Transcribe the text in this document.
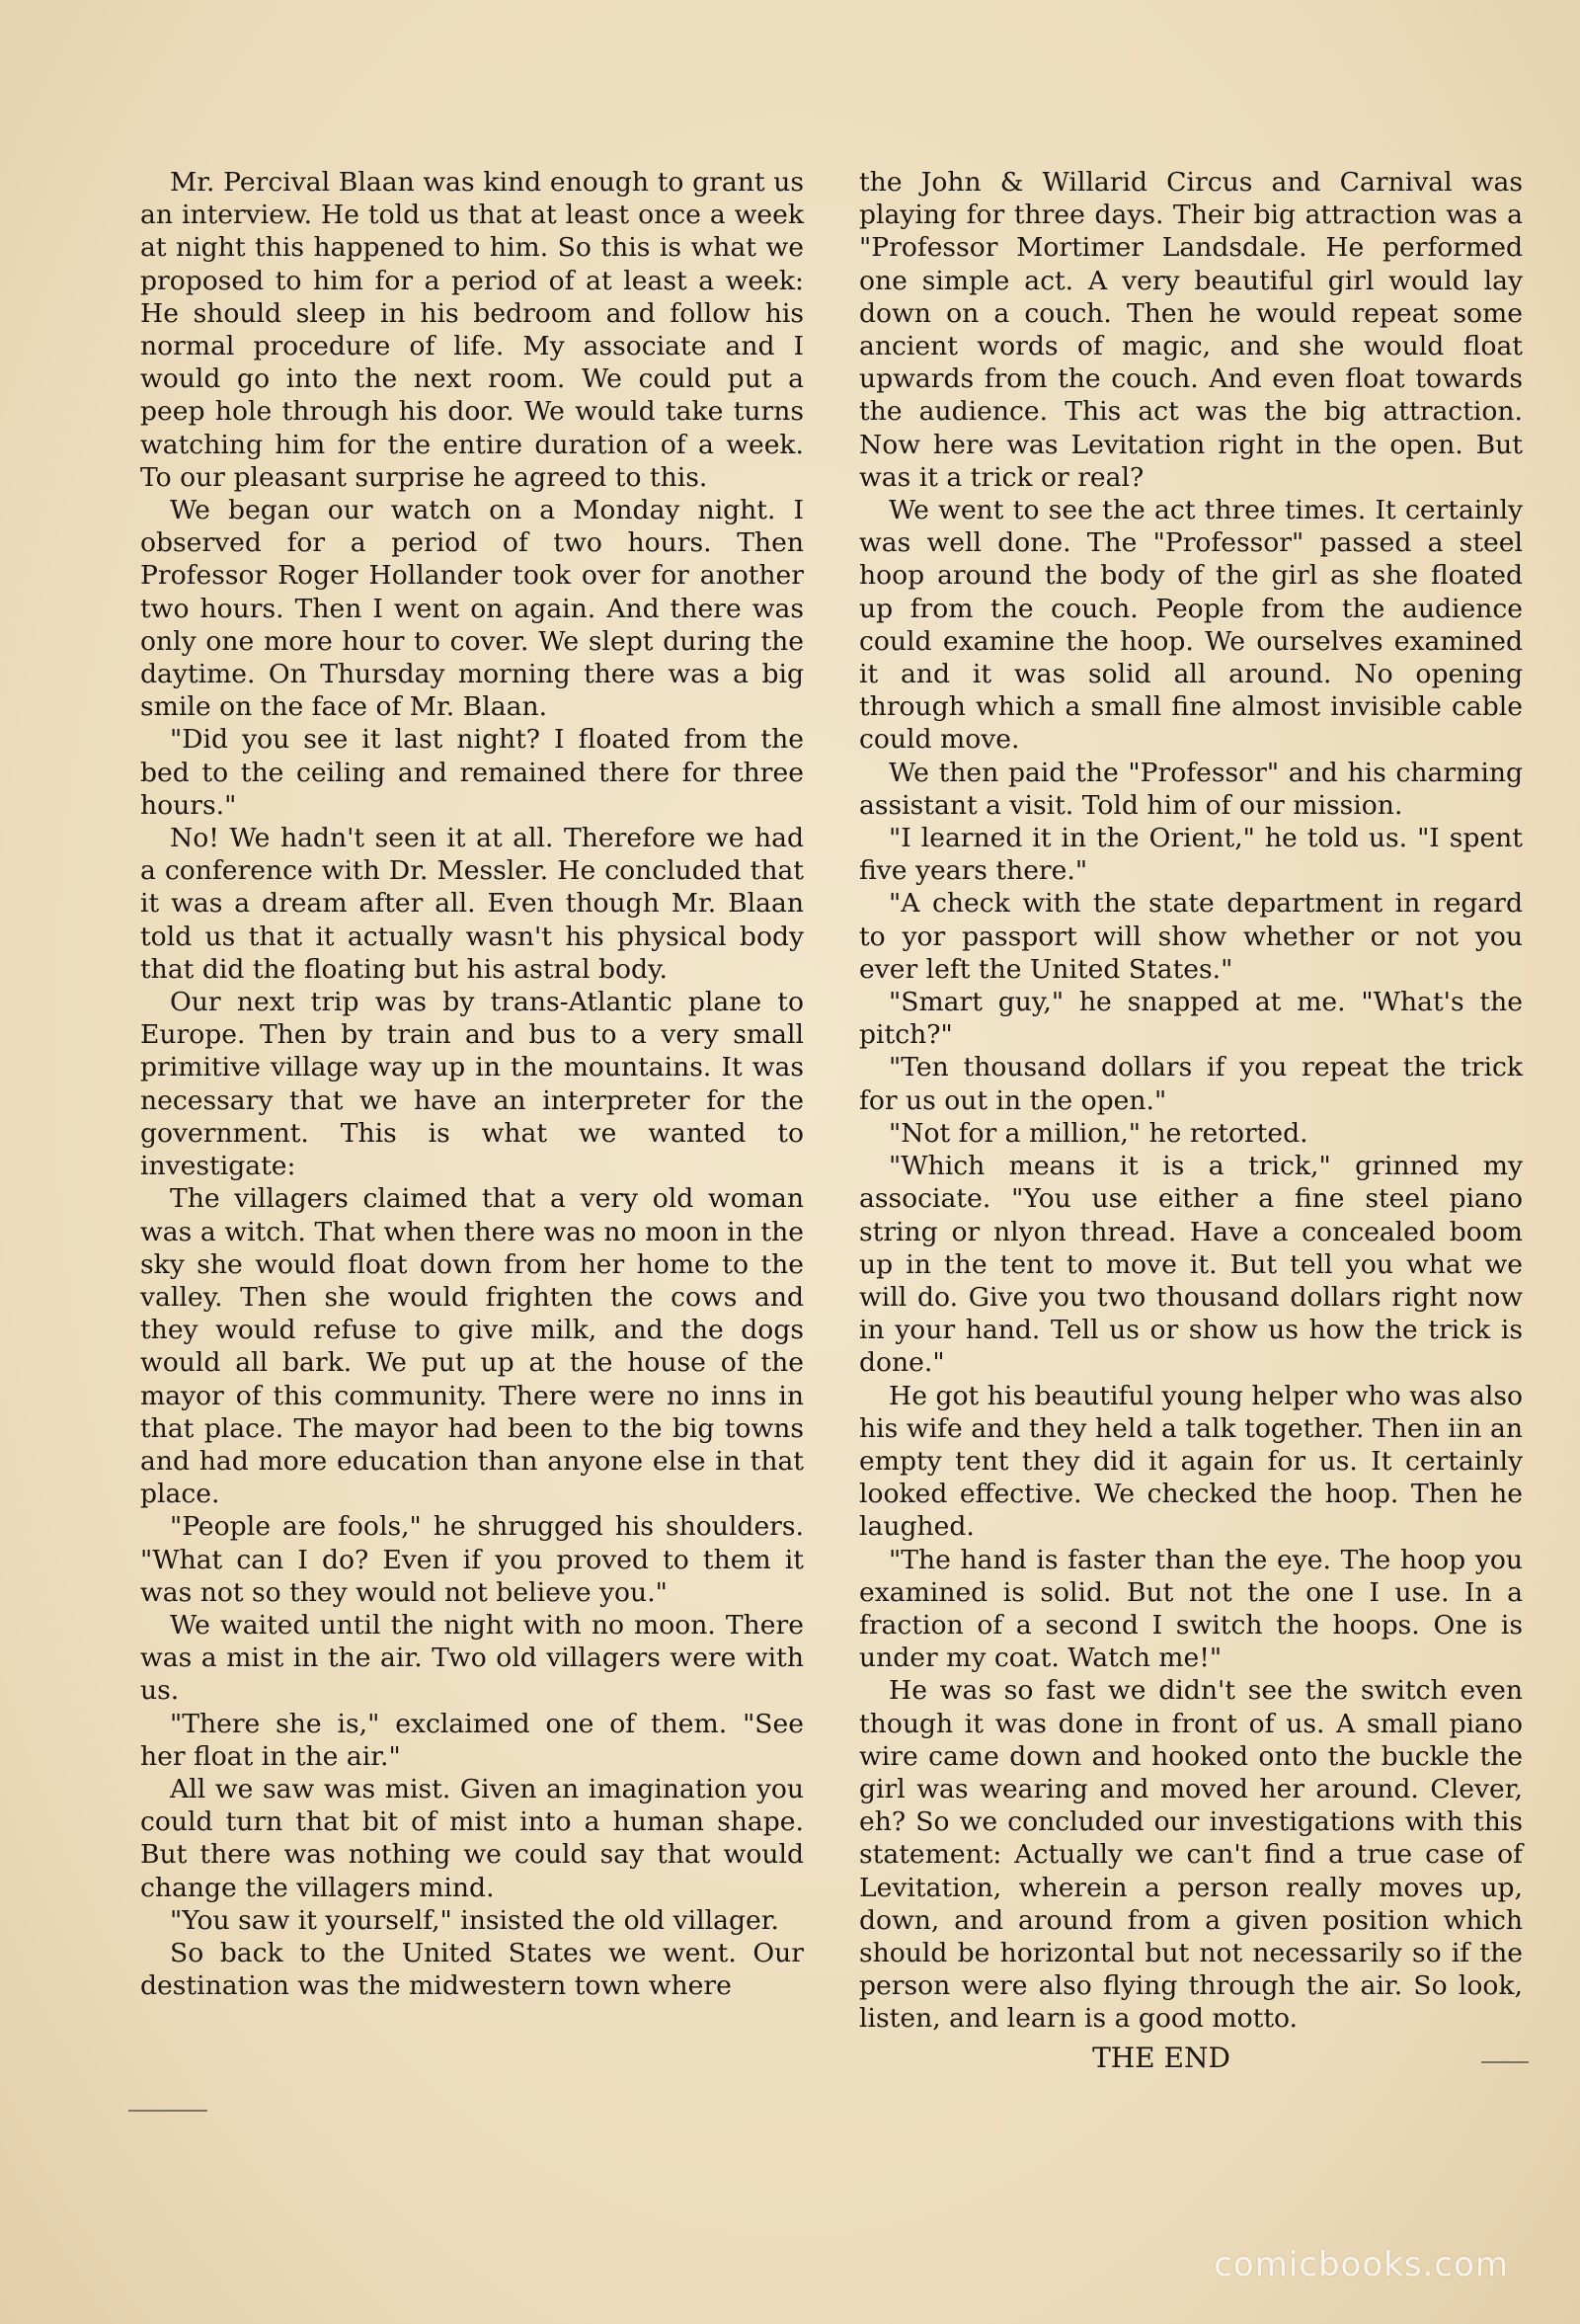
Mr. Percival Blaan was kind enough to grant us an interview. He told us that at least once a week at night this happened to him. So this is what we proposed to him for a period of at least a week: He should sleep in his bedroom and follow his normal procedure of life. My associate and I would go into the next room. We could put a peep hole through his door. We would take turns watching him for the entire duration of a week. To our pleasant surprise he agreed to this.

We began our watch on a Monday night. I observed for a period of two hours. Then Professor Roger Hollander took over for another two hours. Then I went on again. And there was only one more hour to cover. We slept during the daytime. On Thursday morning there was a big smile on the face of Mr. Blaan.

"Did you see it last night? I floated from the bed to the ceiling and remained there for three hours."

No! We hadn't seen it at all. Therefore we had a conference with Dr. Messler. He concluded that it was a dream after all. Even though Mr. Blaan told us that it actually wasn't his physical body that did the floating but his astral body.

Our next trip was by trans-Atlantic plane to Europe. Then by train and bus to a very small primitive village way up in the mountains. It was necessary that we have an interpreter for the government. This is what we wanted to investigate:

The villagers claimed that a very old woman was a witch. That when there was no moon in the sky she would float down from her home to the valley. Then she would frighten the cows and they would refuse to give milk, and the dogs would all bark. We put up at the house of the mayor of this community. There were no inns in that place. The mayor had been to the big towns and had more education than anyone else in that place.

"People are fools," he shrugged his shoulders. "What can I do? Even if you proved to them it was not so they would not believe you."

We waited until the night with no moon. There was a mist in the air. Two old villagers were with us.

"There she is," exclaimed one of them. "See her float in the air."

All we saw was mist. Given an imagination you could turn that bit of mist into a human shape. But there was nothing we could say that would change the villagers mind.

"You saw it yourself," insisted the old villager.

So back to the United States we went. Our destination was the midwestern town where

the John & Willarid Circus and Carnival was playing for three days. Their big attraction was a "Professor Mortimer Landsdale. He performed one simple act. A very beautiful girl would lay down on a couch. Then he would repeat some ancient words of magic, and she would float upwards from the couch. And even float towards the audience. This act was the big attraction. Now here was Levitation right in the open. But was it a trick or real?

We went to see the act three times. It certainly was well done. The "Professor" passed a steel hoop around the body of the girl as she floated up from the couch. People from the audience could examine the hoop. We ourselves examined it and it was solid all around. No opening through which a small fine almost invisible cable could move.

We then paid the "Professor" and his charming assistant a visit. Told him of our mission.

"I learned it in the Orient," he told us. "I spent five years there."

"A check with the state department in regard to yor passport will show whether or not you ever left the United States."

"Smart guy," he snapped at me. "What's the pitch?"

"Ten thousand dollars if you repeat the trick for us out in the open."

"Not for a million," he retorted.

"Which means it is a trick," grinned my associate. "You use either a fine steel piano string or nlyon thread. Have a concealed boom up in the tent to move it. But tell you what we will do. Give you two thousand dollars right now in your hand. Tell us or show us how the trick is done."

He got his beautiful young helper who was also his wife and they held a talk together. Then iin an empty tent they did it again for us. It certainly looked effective. We checked the hoop. Then he laughed.

"The hand is faster than the eye. The hoop you examined is solid. But not the one I use. In a fraction of a second I switch the hoops. One is under my coat. Watch me!"

He was so fast we didn't see the switch even though it was done in front of us. A small piano wire came down and hooked onto the buckle the girl was wearing and moved her around. Clever, eh? So we concluded our investigations with this statement: Actually we can't find a true case of Levitation, wherein a person really moves up, down, and around from a given position which should be horizontal but not necessarily so if the person were also flying through the air. So look, listen, and learn is a good motto.

THE END

comicbooks.com
